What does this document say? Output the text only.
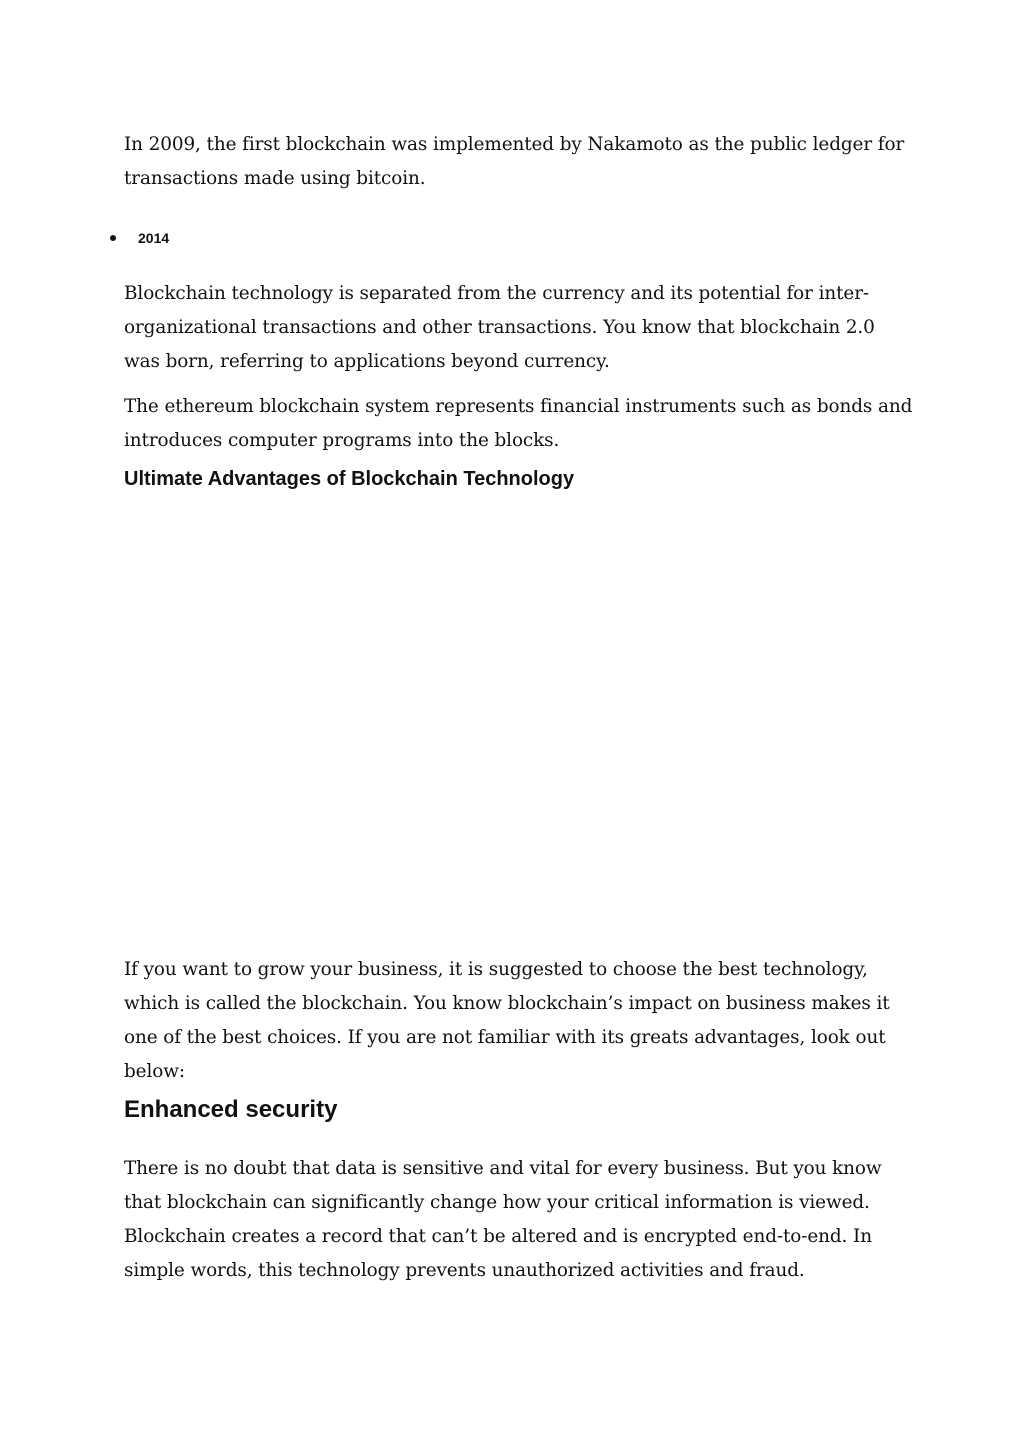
In 2009, the first blockchain was implemented by Nakamoto as the public ledger for transactions made using bitcoin.

2014

Blockchain technology is separated from the currency and its potential for inter-organizational transactions and other transactions. You know that blockchain 2.0 was born, referring to applications beyond currency.

The ethereum blockchain system represents financial instruments such as bonds and introduces computer programs into the blocks.

Ultimate Advantages of Blockchain Technology

If you want to grow your business, it is suggested to choose the best technology, which is called the blockchain. You know blockchain’s impact on business makes it one of the best choices. If you are not familiar with its greats advantages, look out below:

Enhanced security

There is no doubt that data is sensitive and vital for every business. But you know that blockchain can significantly change how your critical information is viewed. Blockchain creates a record that can’t be altered and is encrypted end-to-end. In simple words, this technology prevents unauthorized activities and fraud.
